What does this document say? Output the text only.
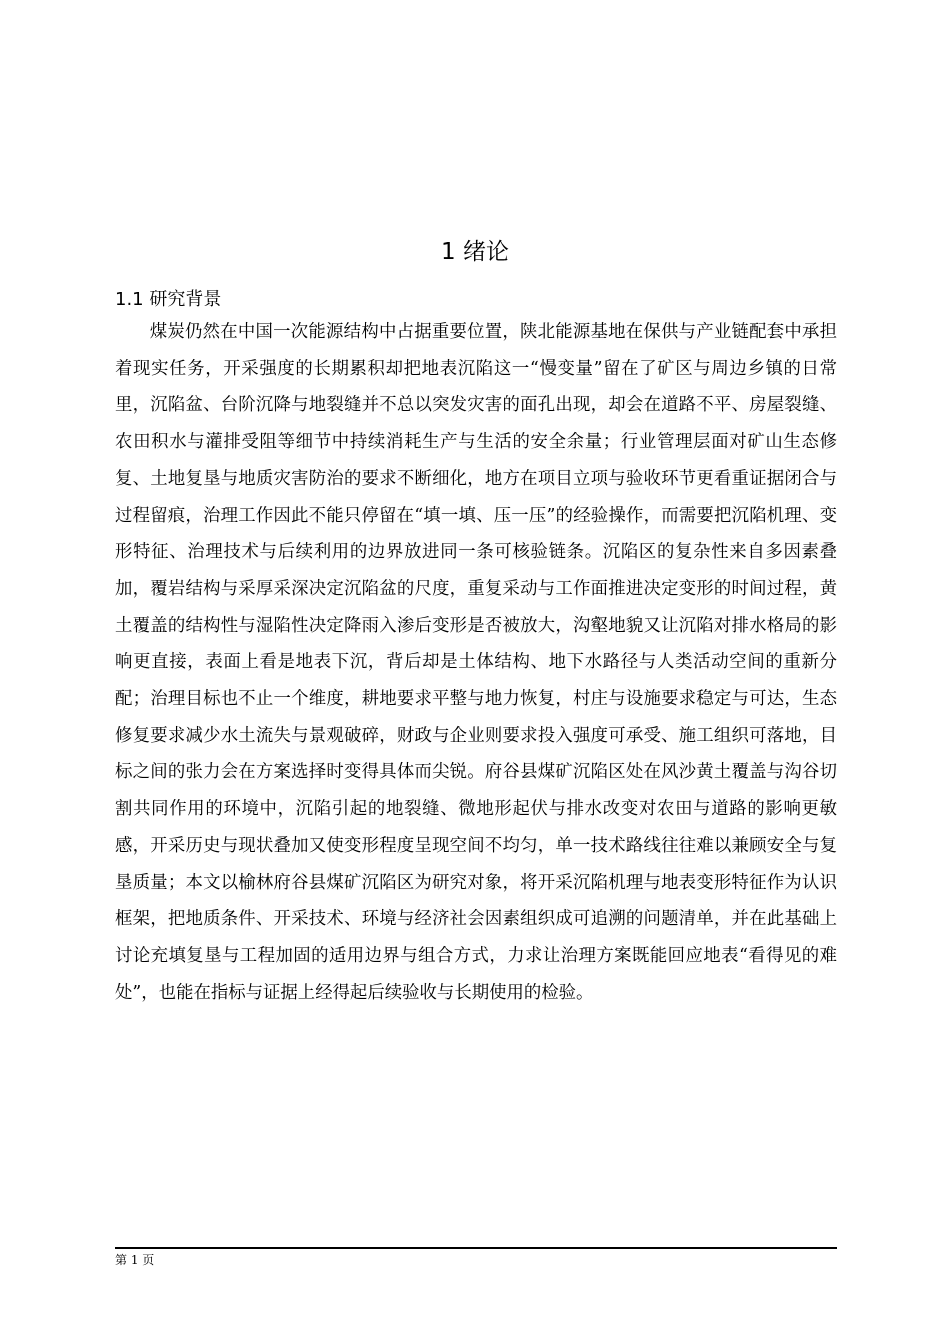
1 绪论
1.1 研究背景

煤炭仍然在中国一次能源结构中占据重要位置，陕北能源基地在保供与产业链配套中承担着现实任务，开采强度的长期累积却把地表沉陷这一“慢变量”留在了矿区与周边乡镇的日常里，沉陷盆、台阶沉降与地裂缝并不总以突发灾害的面孔出现，却会在道路不平、房屋裂缝、农田积水与灌排受阻等细节中持续消耗生产与生活的安全余量；行业管理层面对矿山生态修复、土地复垦与地质灾害防治的要求不断细化，地方在项目立项与验收环节更看重证据闭合与过程留痕，治理工作因此不能只停留在“填一填、压一压”的经验操作，而需要把沉陷机理、变形特征、治理技术与后续利用的边界放进同一条可核验链条。沉陷区的复杂性来自多因素叠加，覆岩结构与采厚采深决定沉陷盆的尺度，重复采动与工作面推进决定变形的时间过程，黄土覆盖的结构性与湿陷性决定降雨入渗后变形是否被放大，沟壑地貌又让沉陷对排水格局的影响更直接，表面上看是地表下沉，背后却是土体结构、地下水路径与人类活动空间的重新分配；治理目标也不止一个维度，耕地要求平整与地力恢复，村庄与设施要求稳定与可达，生态修复要求减少水土流失与景观破碎，财政与企业则要求投入强度可承受、施工组织可落地，目标之间的张力会在方案选择时变得具体而尖锐。府谷县煤矿沉陷区处在风沙黄土覆盖与沟谷切割共同作用的环境中，沉陷引起的地裂缝、微地形起伏与排水改变对农田与道路的影响更敏感，开采历史与现状叠加又使变形程度呈现空间不均匀，单一技术路线往往难以兼顾安全与复垦质量；本文以榆林府谷县煤矿沉陷区为研究对象，将开采沉陷机理与地表变形特征作为认识框架，把地质条件、开采技术、环境与经济社会因素组织成可追溯的问题清单，并在此基础上讨论充填复垦与工程加固的适用边界与组合方式，力求让治理方案既能回应地表“看得见的难处”，也能在指标与证据上经得起后续验收与长期使用的检验。

第 1 页
